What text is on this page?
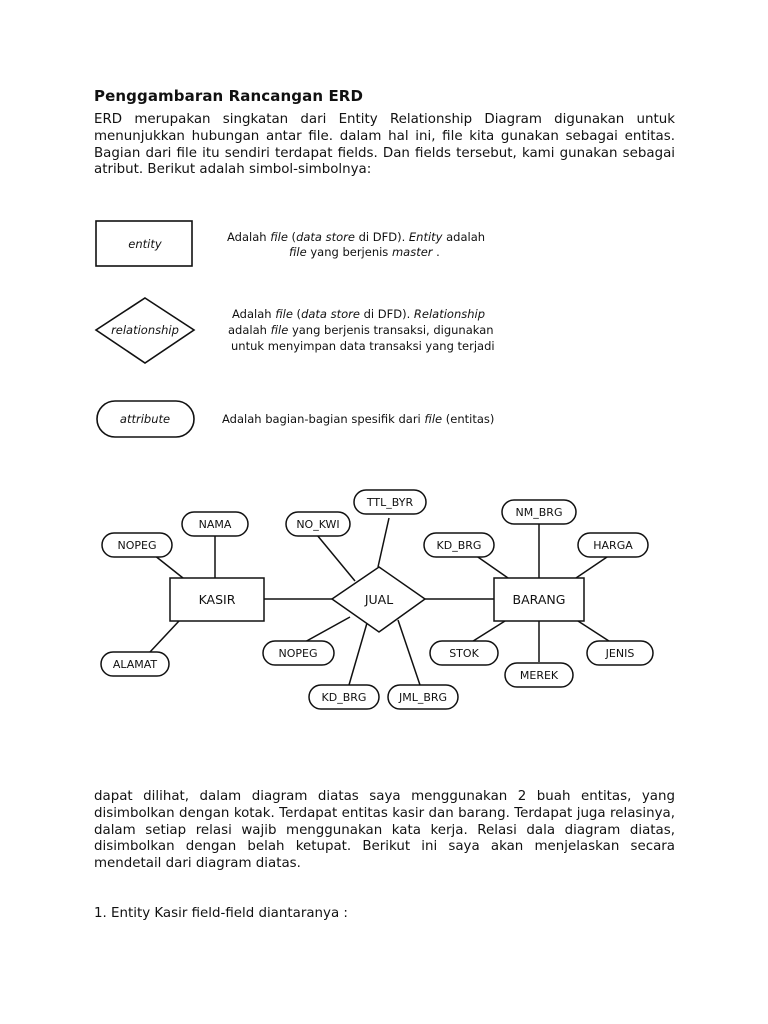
Penggambaran Rancangan ERD

ERD merupakan singkatan dari Entity Relationship Diagram digunakan untuk menunjukkan hubungan antar file. dalam hal ini, file kita gunakan sebagai entitas. Bagian dari file itu sendiri terdapat fields. Dan fields tersebut, kami gunakan sebagai atribut. Berikut adalah simbol-simbolnya:

entity
relationship
attribute
Adalah file (data store di DFD). Entity adalah
file yang berjenis master .
Adalah file (data store di DFD). Relationship
adalah file yang berjenis transaksi, digunakan
untuk menyimpan data transaksi yang terjadi
Adalah bagian-bagian spesifik dari file (entitas)
KASIR	BARANG
JUAL
NAMA
NOPEG
ALAMAT
TTL_BYR
NO_KWI
NOPEG
KD_BRG	JML_BRG
NM_BRG
KD_BRG	HARGA
STOK
MEREK
JENIS

dapat dilihat, dalam diagram diatas saya menggunakan 2 buah entitas, yang disimbolkan dengan kotak. Terdapat entitas kasir dan barang. Terdapat juga relasinya, dalam setiap relasi wajib menggunakan kata kerja. Relasi dala diagram diatas, disimbolkan dengan belah ketupat. Berikut ini saya akan menjelaskan secara mendetail dari diagram diatas.

1. Entity Kasir field-field diantaranya :
